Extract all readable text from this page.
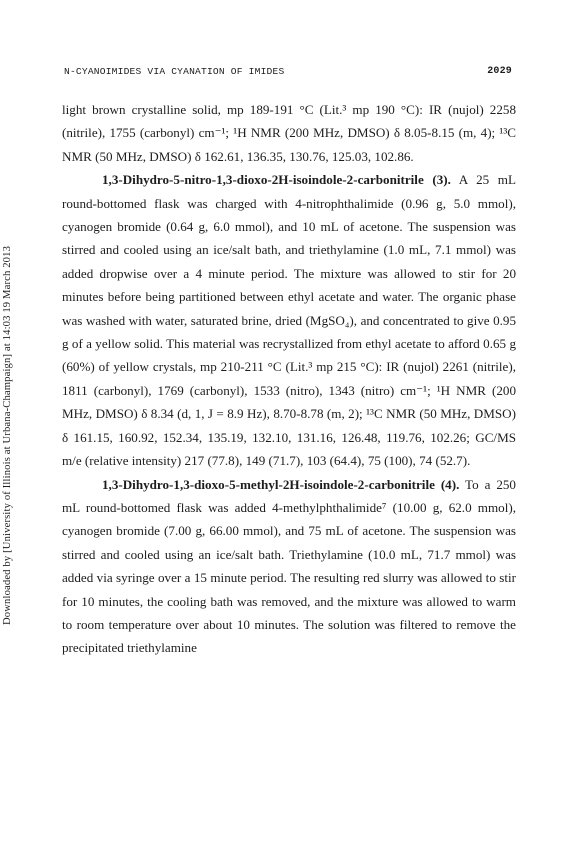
Downloaded by [University of Illinois at Urbana-Champaign] at 14:03 19 March 2013
N-CYANOIMIDES VIA CYANATION OF IMIDES	2029

light brown crystalline solid, mp 189-191 °C (Lit.³ mp 190 °C): IR (nujol) 2258 (nitrile), 1755 (carbonyl) cm⁻¹; ¹H NMR (200 MHz, DMSO) δ 8.05-8.15 (m, 4); ¹³C NMR (50 MHz, DMSO) δ 162.61, 136.35, 130.76, 125.03, 102.86.

1,3-Dihydro-5-nitro-1,3-dioxo-2H-isoindole-2-carbonitrile (3). A 25 mL round-bottomed flask was charged with 4-nitrophthalimide (0.96 g, 5.0 mmol), cyanogen bromide (0.64 g, 6.0 mmol), and 10 mL of acetone. The suspension was stirred and cooled using an ice/salt bath, and triethylamine (1.0 mL, 7.1 mmol) was added dropwise over a 4 minute period. The mixture was allowed to stir for 20 minutes before being partitioned between ethyl acetate and water. The organic phase was washed with water, saturated brine, dried (MgSO₄), and concentrated to give 0.95 g of a yellow solid. This material was recrystallized from ethyl acetate to afford 0.65 g (60%) of yellow crystals, mp 210-211 °C (Lit.³ mp 215 °C): IR (nujol) 2261 (nitrile), 1811 (carbonyl), 1769 (carbonyl), 1533 (nitro), 1343 (nitro) cm⁻¹; ¹H NMR (200 MHz, DMSO) δ 8.34 (d, 1, J = 8.9 Hz), 8.70-8.78 (m, 2); ¹³C NMR (50 MHz, DMSO) δ 161.15, 160.92, 152.34, 135.19, 132.10, 131.16, 126.48, 119.76, 102.26; GC/MS m/e (relative intensity) 217 (77.8), 149 (71.7), 103 (64.4), 75 (100), 74 (52.7).

1,3-Dihydro-1,3-dioxo-5-methyl-2H-isoindole-2-carbonitrile (4). To a 250 mL round-bottomed flask was added 4-methylphthalimide⁷ (10.00 g, 62.0 mmol), cyanogen bromide (7.00 g, 66.00 mmol), and 75 mL of acetone. The suspension was stirred and cooled using an ice/salt bath. Triethylamine (10.0 mL, 71.7 mmol) was added via syringe over a 15 minute period. The resulting red slurry was allowed to stir for 10 minutes, the cooling bath was removed, and the mixture was allowed to warm to room temperature over about 10 minutes. The solution was filtered to remove the precipitated triethylamine
